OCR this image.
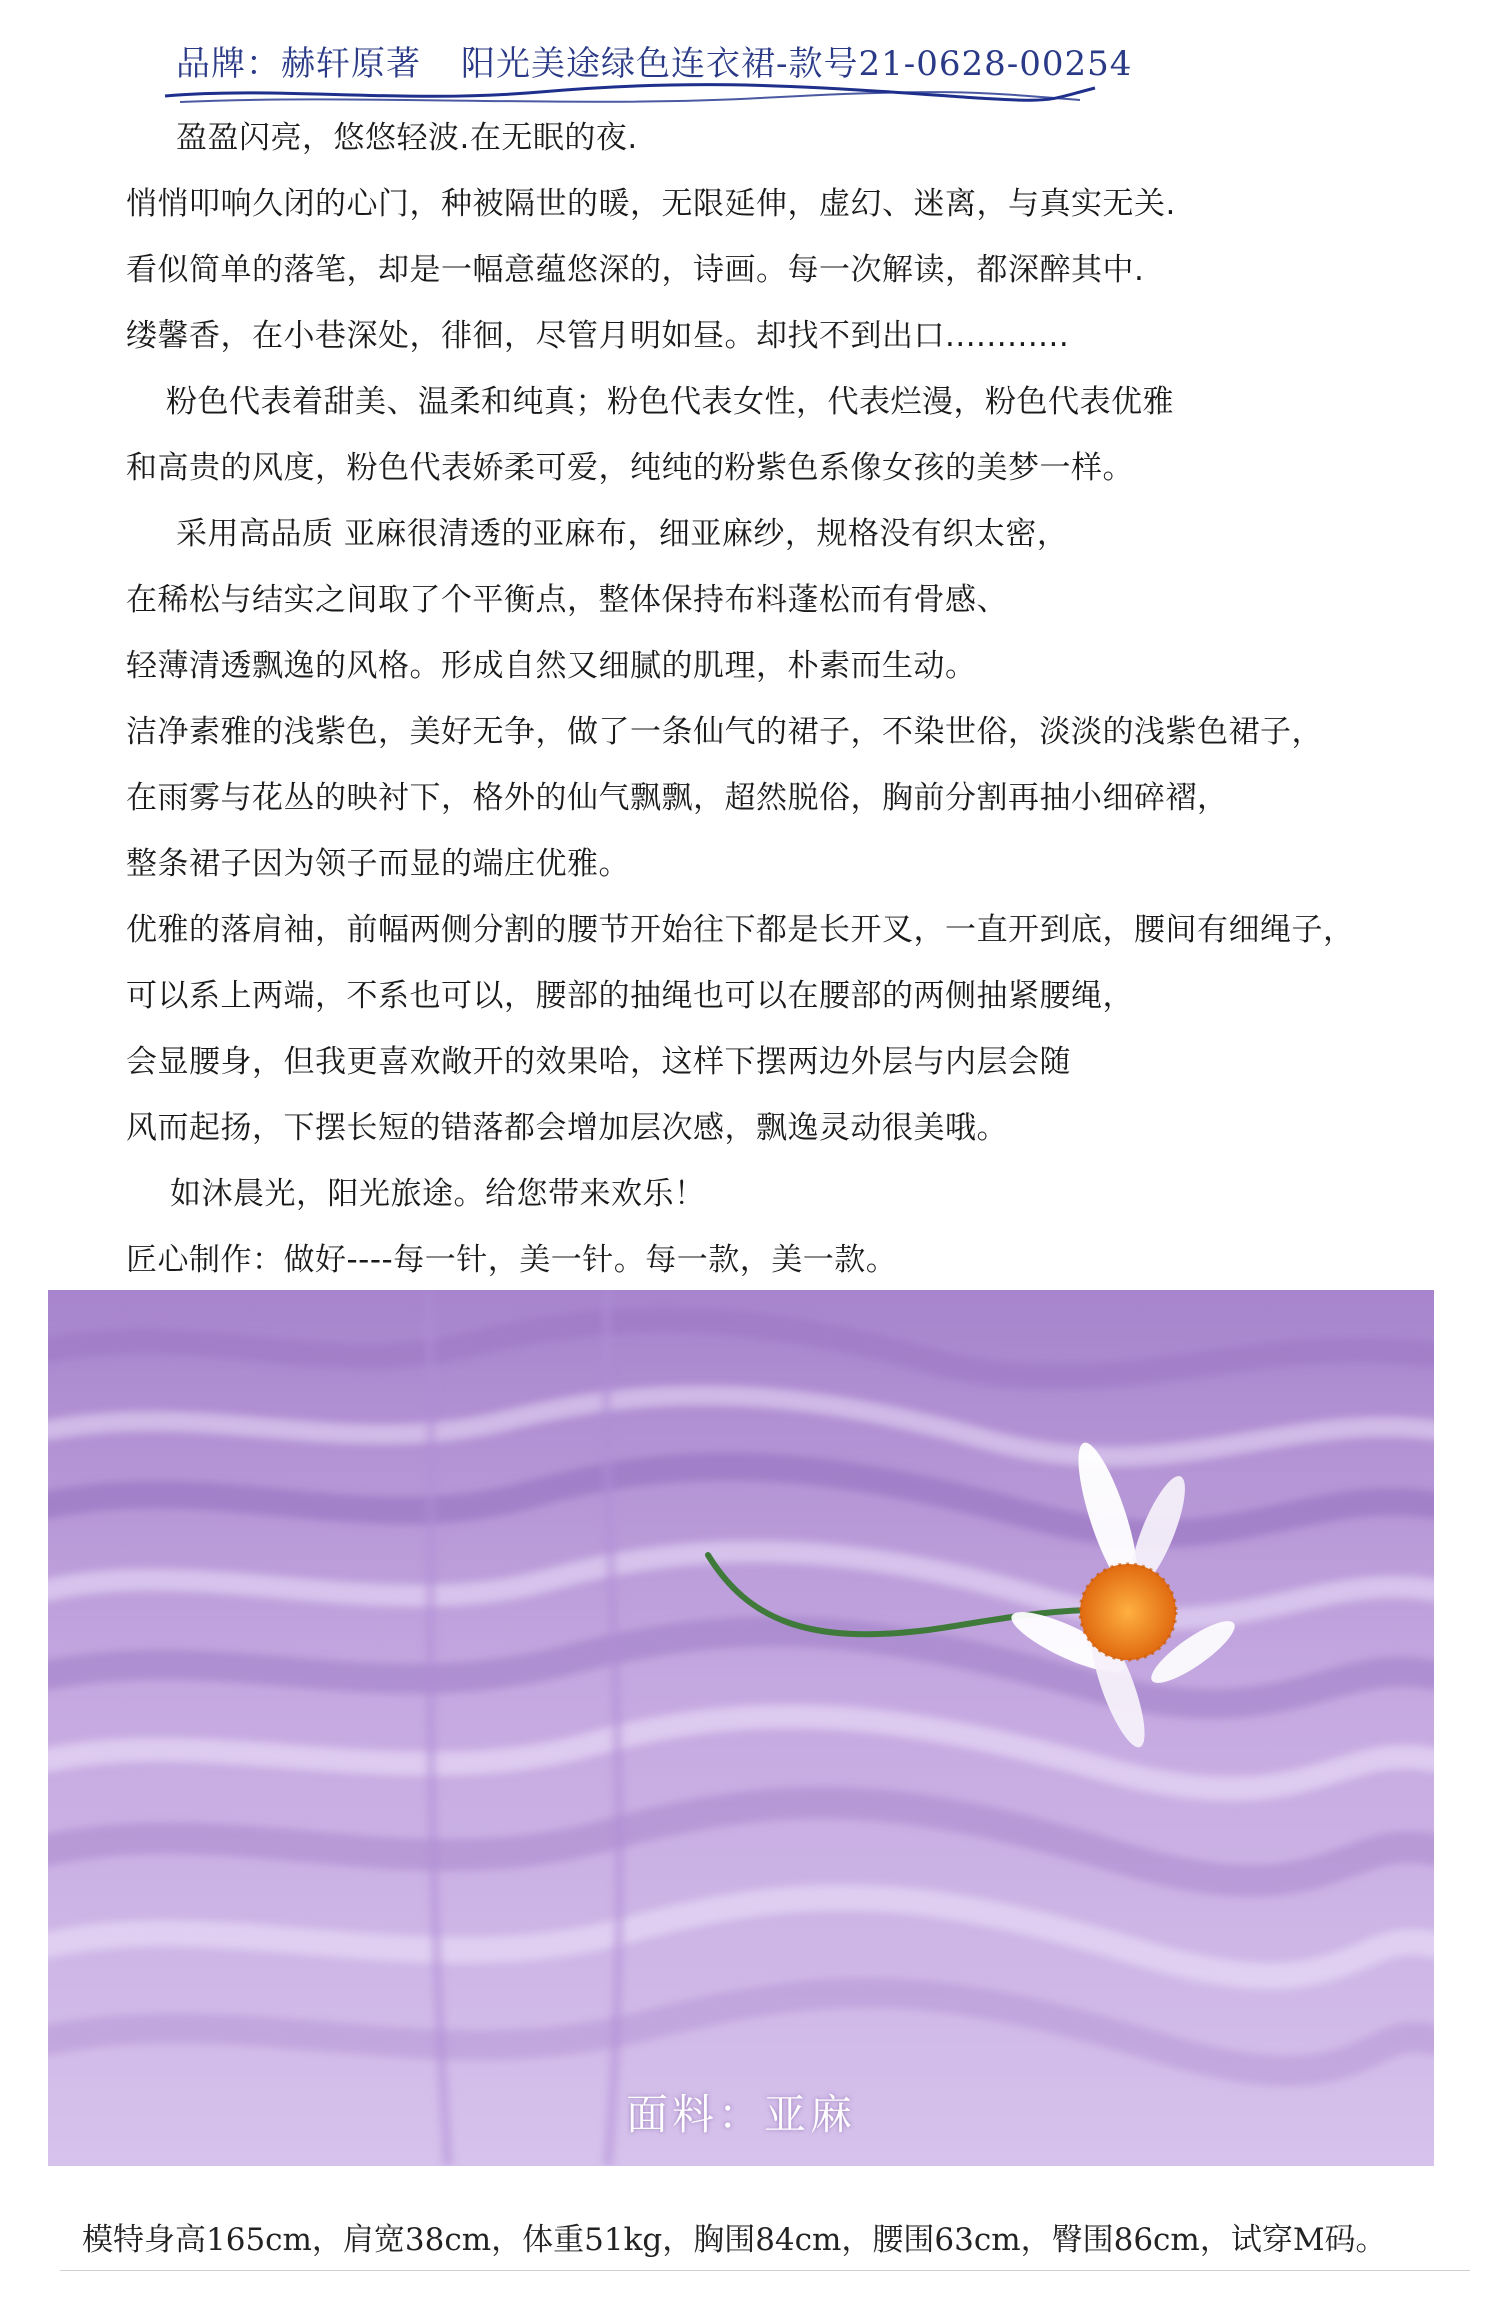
品牌：赫轩原著 阳光美途绿色连衣裙-款号21-0628-00254

盈盈闪亮，悠悠轻波.在无眠的夜.

悄悄叩响久闭的心门，种被隔世的暖，无限延伸，虚幻、迷离，与真实无关.

看似简单的落笔，却是一幅意蕴悠深的，诗画。每一次解读，都深醉其中.

缕馨香，在小巷深处，徘徊，尽管月明如昼。却找不到出口............

粉色代表着甜美、温柔和纯真；粉色代表女性，代表烂漫，粉色代表优雅

和高贵的风度，粉色代表娇柔可爱，纯纯的粉紫色系像女孩的美梦一样。

采用高品质 亚麻很清透的亚麻布，细亚麻纱，规格没有织太密，

在稀松与结实之间取了个平衡点，整体保持布料蓬松而有骨感、

轻薄清透飘逸的风格。形成自然又细腻的肌理，朴素而生动。

洁净素雅的浅紫色，美好无争，做了一条仙气的裙子，不染世俗，淡淡的浅紫色裙子，

在雨雾与花丛的映衬下，格外的仙气飘飘，超然脱俗，胸前分割再抽小细碎褶，

整条裙子因为领子而显的端庄优雅。

优雅的落肩袖，前幅两侧分割的腰节开始往下都是长开叉，一直开到底，腰间有细绳子，

可以系上两端，不系也可以，腰部的抽绳也可以在腰部的两侧抽紧腰绳，

会显腰身，但我更喜欢敞开的效果哈，这样下摆两边外层与内层会随

风而起扬，下摆长短的错落都会增加层次感，飘逸灵动很美哦。

如沐晨光，阳光旅途。给您带来欢乐！

匠心制作：做好----每一针，美一针。每一款，美一款。

面料：亚麻
模特身高165cm，肩宽38cm，体重51kg，胸围84cm，腰围63cm，臀围86cm，试穿M码。
